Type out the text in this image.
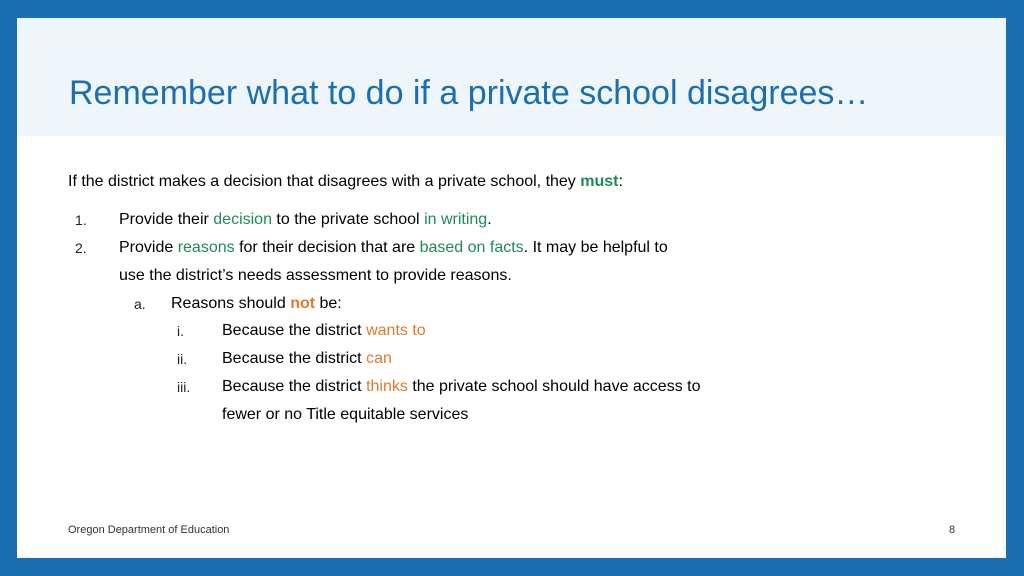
Remember what to do if a private school disagrees…
If the district makes a decision that disagrees with a private school, they must:
1.	Provide their decision to the private school in writing.
2.	Provide reasons for their decision that are based on facts. It may be helpful to
use the district’s needs assessment to provide reasons.
a.	Reasons should not be:
i.	Because the district wants to
ii.	Because the district can
iii.	Because the district thinks the private school should have access to
fewer or no Title equitable services
Oregon Department of Education	8
